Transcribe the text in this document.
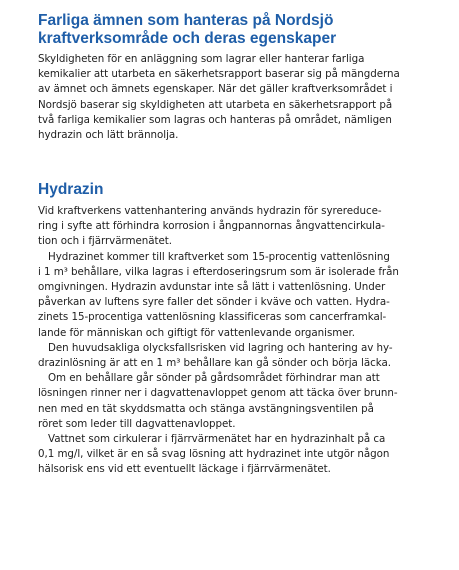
Farliga ämnen som hanteras på Nordsjö
kraftverksområde och deras egenskaper
Skyldigheten för en anläggning som lagrar eller hanterar farliga
kemikalier att utarbeta en säkerhetsrapport baserar sig på mängderna
av ämnet och ämnets egenskaper. När det gäller kraftverksområdet i
Nordsjö baserar sig skyldigheten att utarbeta en säkerhetsrapport på
två farliga kemikalier som lagras och hanteras på området, nämligen
hydrazin och lätt brännolja.
Hydrazin
Vid kraftverkens vattenhantering används hydrazin för syrereduce-
ring i syfte att förhindra korrosion i ångpannornas ångvattencirkula-
tion och i fjärrvärmenätet.
Hydrazinet kommer till kraftverket som 15-procentig vattenlösning
i 1 m³ behållare, vilka lagras i efterdoseringsrum som är isolerade från
omgivningen. Hydrazin avdunstar inte så lätt i vattenlösning. Under
påverkan av luftens syre faller det sönder i kväve och vatten. Hydra-
zinets 15-procentiga vattenlösning klassificeras som cancerframkal-
lande för människan och giftigt för vattenlevande organismer.
Den huvudsakliga olycksfallsrisken vid lagring och hantering av hy-
drazinlösning är att en 1 m³ behållare kan gå sönder och börja läcka.
Om en behållare går sönder på gårdsområdet förhindrar man att
lösningen rinner ner i dagvattenavloppet genom att täcka över brunn-
nen med en tät skyddsmatta och stänga avstängningsventilen på
röret som leder till dagvattenavloppet.
Vattnet som cirkulerar i fjärrvärmenätet har en hydrazinhalt på ca
0,1 mg/l, vilket är en så svag lösning att hydrazinet inte utgör någon
hälsorisk ens vid ett eventuellt läckage i fjärrvärmenätet.
